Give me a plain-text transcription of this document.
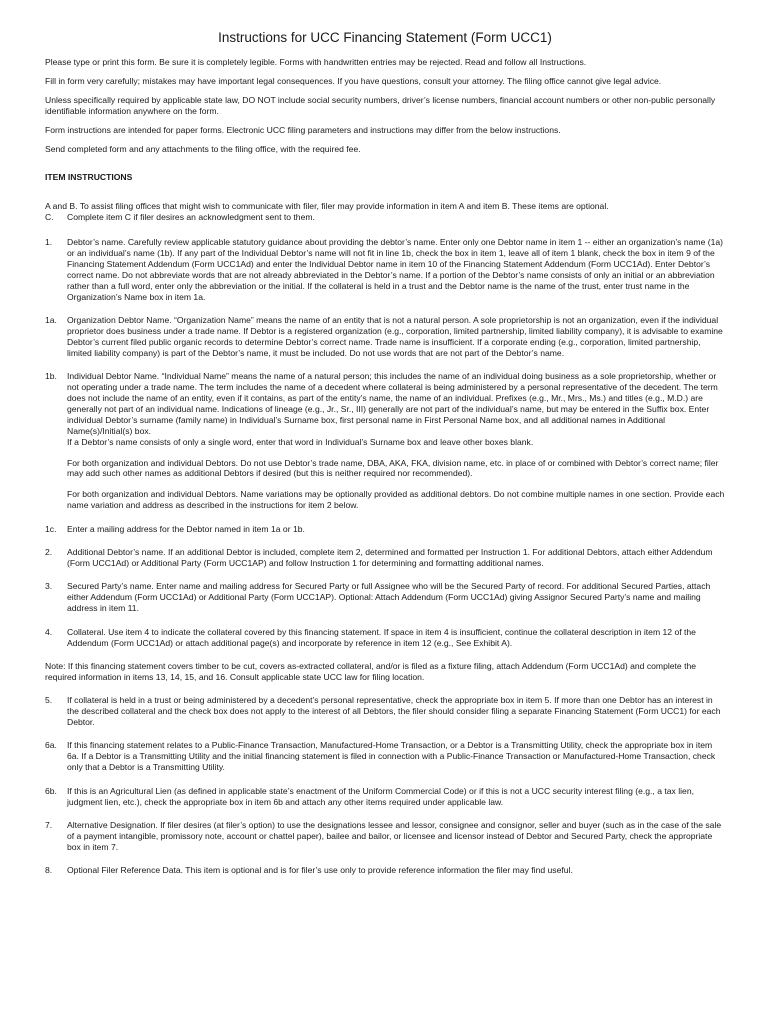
Instructions for UCC Financing Statement (Form UCC1)

Please type or print this form. Be sure it is completely legible. Forms with handwritten entries may be rejected. Read and follow all Instructions.

Fill in form very carefully; mistakes may have important legal consequences. If you have questions, consult your attorney. The filing office cannot give legal advice.

Unless specifically required by applicable state law, DO NOT include social security numbers, driver’s license numbers, financial account numbers or other non-public personally identifiable information anywhere on the form.

Form instructions are intended for paper forms. Electronic UCC filing parameters and instructions may differ from the below instructions.

Send completed form and any attachments to the filing office, with the required fee.

ITEM INSTRUCTIONS

A and B. To assist filing offices that might wish to communicate with filer, filer may provide information in item A and item B. These items are optional.
C.	Complete item C if filer desires an acknowledgment sent to them.
1.	Debtor’s name. Carefully review applicable statutory guidance about providing the debtor’s name. Enter only one Debtor name in item 1 -- either an organization’s name (1a) or an individual’s name (1b). If any part of the Individual Debtor’s name will not fit in line 1b, check the box in item 1, leave all of item 1 blank, check the box in item 9 of the Financing Statement Addendum (Form UCC1Ad) and enter the Individual Debtor name in item 10 of the Financing Statement Addendum (Form UCC1Ad). Enter Debtor’s correct name. Do not abbreviate words that are not already abbreviated in the Debtor’s name. If a portion of the Debtor’s name consists of only an initial or an abbreviation rather than a full word, enter only the abbreviation or the initial. If the collateral is held in a trust and the Debtor name is the name of the trust, enter trust name in the Organization’s Name box in item 1a.
1a.	Organization Debtor Name. “Organization Name” means the name of an entity that is not a natural person. A sole proprietorship is not an organization, even if the individual proprietor does business under a trade name. If Debtor is a registered organization (e.g., corporation, limited partnership, limited liability company), it is advisable to examine Debtor’s current filed public organic records to determine Debtor’s correct name. Trade name is insufficient. If a corporate ending (e.g., corporation, limited partnership, limited liability company) is part of the Debtor’s name, it must be included. Do not use words that are not part of the Debtor’s name.
1b.	Individual Debtor Name. “Individual Name” means the name of a natural person; this includes the name of an individual doing business as a sole proprietorship, whether or not operating under a trade name. The term includes the name of a decedent where collateral is being administered by a personal representative of the decedent. The term does not include the name of an entity, even if it contains, as part of the entity’s name, the name of an individual. Prefixes (e.g., Mr., Mrs., Ms.) and titles (e.g., M.D.) are generally not part of an individual name. Indications of lineage (e.g., Jr., Sr., III) generally are not part of the individual’s name, but may be entered in the Suffix box. Enter individual Debtor’s surname (family name) in Individual’s Surname box, first personal name in First Personal Name box, and all additional names in Additional Name(s)/Initial(s) box.
If a Debtor’s name consists of only a single word, enter that word in Individual’s Surname box and leave other boxes blank.
For both organization and individual Debtors. Do not use Debtor’s trade name, DBA, AKA, FKA, division name, etc. in place of or combined with Debtor’s correct name; filer may add such other names as additional Debtors if desired (but this is neither required nor recommended).
For both organization and individual Debtors. Name variations may be optionally provided as additional debtors. Do not combine multiple names in one section. Provide each name variation and address as described in the instructions for item 2 below.
1c.	Enter a mailing address for the Debtor named in item 1a or 1b.
2.	Additional Debtor’s name. If an additional Debtor is included, complete item 2, determined and formatted per Instruction 1. For additional Debtors, attach either Addendum (Form UCC1Ad) or Additional Party (Form UCC1AP) and follow Instruction 1 for determining and formatting additional names.
3.	Secured Party’s name. Enter name and mailing address for Secured Party or full Assignee who will be the Secured Party of record. For additional Secured Parties, attach either Addendum (Form UCC1Ad) or Additional Party (Form UCC1AP). Optional: Attach Addendum (Form UCC1Ad) giving Assignor Secured Party’s name and mailing address in item 11.
4.	Collateral. Use item 4 to indicate the collateral covered by this financing statement. If space in item 4 is insufficient, continue the collateral description in item 12 of the Addendum (Form UCC1Ad) or attach additional page(s) and incorporate by reference in item 12 (e.g., See Exhibit A).
Note: If this financing statement covers timber to be cut, covers as-extracted collateral, and/or is filed as a fixture filing, attach Addendum (Form UCC1Ad) and complete the required information in items 13, 14, 15, and 16. Consult applicable state UCC law for filing location.
5.	If collateral is held in a trust or being administered by a decedent’s personal representative, check the appropriate box in item 5. If more than one Debtor has an interest in the described collateral and the check box does not apply to the interest of all Debtors, the filer should consider filing a separate Financing Statement (Form UCC1) for each Debtor.
6a.	If this financing statement relates to a Public-Finance Transaction, Manufactured-Home Transaction, or a Debtor is a Transmitting Utility, check the appropriate box in item 6a. If a Debtor is a Transmitting Utility and the initial financing statement is filed in connection with a Public-Finance Transaction or Manufactured-Home Transaction, check only that a Debtor is a Transmitting Utility.
6b.	If this is an Agricultural Lien (as defined in applicable state’s enactment of the Uniform Commercial Code) or if this is not a UCC security interest filing (e.g., a tax lien, judgment lien, etc.), check the appropriate box in item 6b and attach any other items required under applicable law.
7.	Alternative Designation. If filer desires (at filer’s option) to use the designations lessee and lessor, consignee and consignor, seller and buyer (such as in the case of the sale of a payment intangible, promissory note, account or chattel paper), bailee and bailor, or licensee and licensor instead of Debtor and Secured Party, check the appropriate box in item 7.
8.	Optional Filer Reference Data. This item is optional and is for filer’s use only to provide reference information the filer may find useful.
